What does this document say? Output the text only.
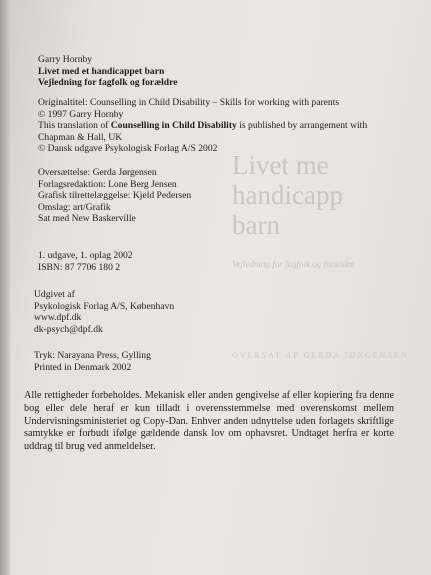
Livet me
handicapp
barn
Vejledning for fagfolk og forældre
OVERSAT AF GERDA JØRGENSEN
Garry Hornby
Livet med et handicappet barn
Vejledning for fagfolk og forældre
Originaltitel: Counselling in Child Disability – Skills for working with parents
© 1997 Garry Hornby
This translation of Counselling in Child Disability is published by arrangement with
Chapman & Hall, UK
© Dansk udgave Psykologisk Forlag A/S 2002
Oversættelse: Gerda Jørgensen
Forlagsredaktion: Lone Berg Jensen
Grafisk tilrettelæggelse: Kjeld Pedersen
Omslag: art/Grafik
Sat med New Baskerville
1. udgave, 1. oplag 2002
ISBN: 87 7706 180 2
Udgivet af
Psykologisk Forlag A/S, København
www.dpf.dk
dk-psych@dpf.dk
Tryk: Narayana Press, Gylling
Printed in Denmark 2002
Alle rettigheder forbeholdes. Mekanisk eller anden gengivelse af eller kopiering fra denne bog eller dele heraf er kun tilladt i overensstemmelse med overenskomst mellem Undervisningsministeriet og Copy-Dan. Enhver anden udnyttelse uden forlagets skriftlige samtykke er forbudt ifølge gældende dansk lov om ophavsret. Undtaget herfra er korte uddrag til brug ved anmeldelser.
